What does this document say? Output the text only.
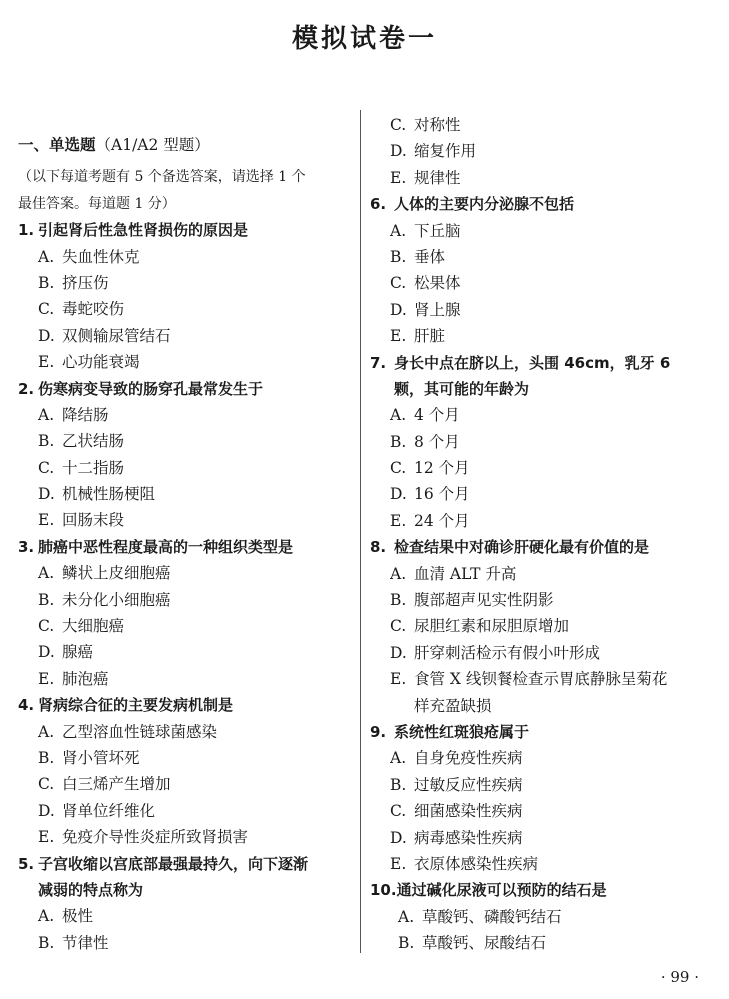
模拟试卷一
一、单选题（A1/A2 型题）
（以下每道考题有 5 个备选答案，请选择 1 个
最佳答案。每道题 1 分）
1. 引起肾后性急性肾损伤的原因是
A. 失血性休克
B. 挤压伤
C. 毒蛇咬伤
D. 双侧输尿管结石
E. 心功能衰竭
2. 伤寒病变导致的肠穿孔最常发生于
A. 降结肠
B. 乙状结肠
C. 十二指肠
D. 机械性肠梗阻
E. 回肠末段
3. 肺癌中恶性程度最高的一种组织类型是
A. 鳞状上皮细胞癌
B. 未分化小细胞癌
C. 大细胞癌
D. 腺癌
E. 肺泡癌
4. 肾病综合征的主要发病机制是
A. 乙型溶血性链球菌感染
B. 肾小管坏死
C. 白三烯产生增加
D. 肾单位纤维化
E. 免疫介导性炎症所致肾损害
5. 子宫收缩以宫底部最强最持久，向下逐渐
减弱的特点称为
A. 极性
B. 节律性
C. 对称性
D. 缩复作用
E. 规律性
6. 人体的主要内分泌腺不包括
A. 下丘脑
B. 垂体
C. 松果体
D. 肾上腺
E. 肝脏
7. 身长中点在脐以上，头围 46cm，乳牙 6
颗，其可能的年龄为
A. 4 个月
B. 8 个月
C. 12 个月
D. 16 个月
E. 24 个月
8. 检查结果中对确诊肝硬化最有价值的是
A. 血清 ALT 升高
B. 腹部超声见实性阴影
C. 尿胆红素和尿胆原增加
D. 肝穿刺活检示有假小叶形成
E. 食管 X 线钡餐检查示胃底静脉呈菊花
样充盈缺损
9. 系统性红斑狼疮属于
A. 自身免疫性疾病
B. 过敏反应性疾病
C. 细菌感染性疾病
D. 病毒感染性疾病
E. 衣原体感染性疾病
10.通过碱化尿液可以预防的结石是
A. 草酸钙、磷酸钙结石
B. 草酸钙、尿酸结石
· 99 ·
